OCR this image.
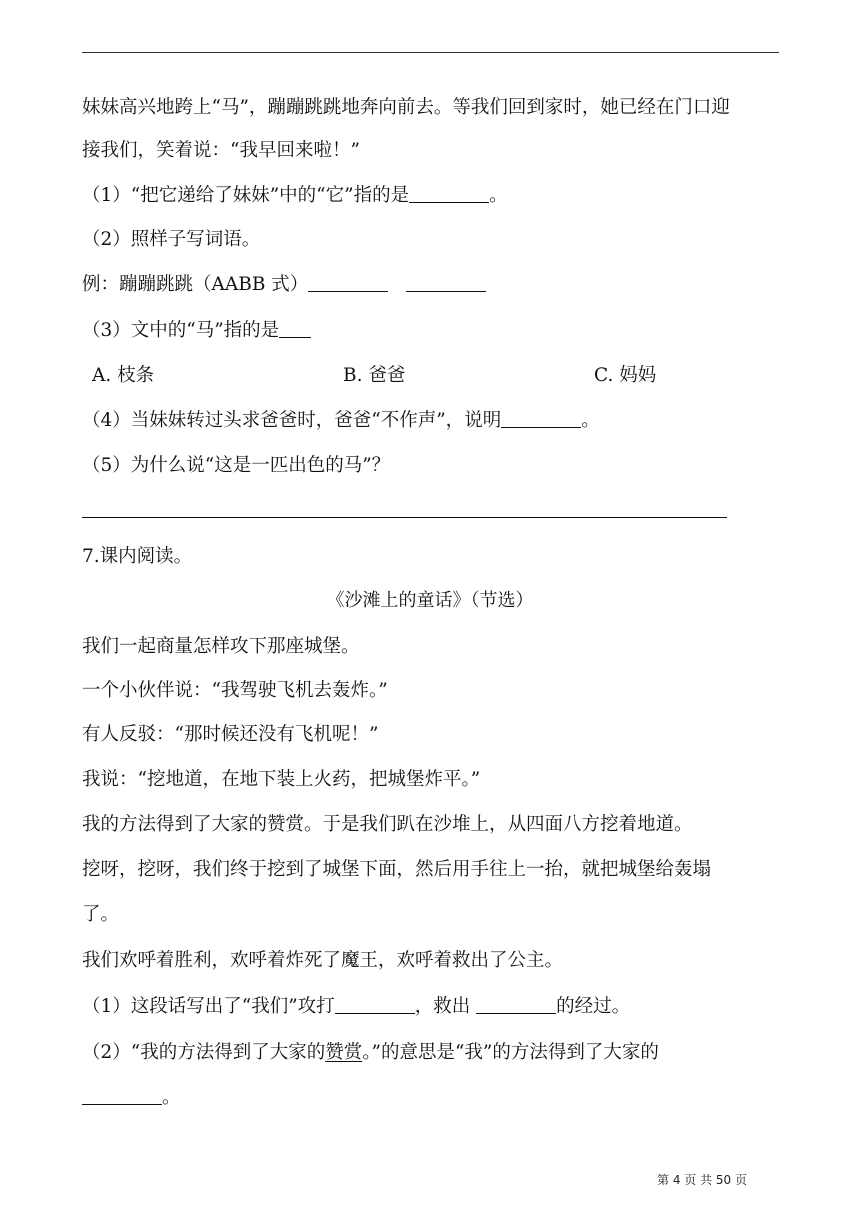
妹妹高兴地跨上“马”，蹦蹦跳跳地奔向前去。等我们回到家时，她已经在门口迎
接我们，笑着说：“我早回来啦！”
（1）“把它递给了妹妹”中的“它”指的是	。
（2）照样子写词语。
例：蹦蹦跳跳（AABB 式）
（3）文中的“马”指的是
A. 枝条	B. 爸爸	C. 妈妈
（4）当妹妹转过头求爸爸时，爸爸“不作声”，说明	。
（5）为什么说“这是一匹出色的马”？
7.课内阅读。
《沙滩上的童话》（节选）
我们一起商量怎样攻下那座城堡。
一个小伙伴说：“我驾驶飞机去轰炸。”
有人反驳：“那时候还没有飞机呢！”
我说：“挖地道，在地下装上火药，把城堡炸平。”
我的方法得到了大家的赞赏。于是我们趴在沙堆上，从四面八方挖着地道。
挖呀，挖呀，我们终于挖到了城堡下面，然后用手往上一抬，就把城堡给轰塌
了。
我们欢呼着胜利，欢呼着炸死了魔王，欢呼着救出了公主。
（1）这段话写出了“我们”攻打	，救出	的经过。
（2）“我的方法得到了大家的赞赏。”的意思是“我”的方法得到了大家的
。
第 4 页 共 50 页
